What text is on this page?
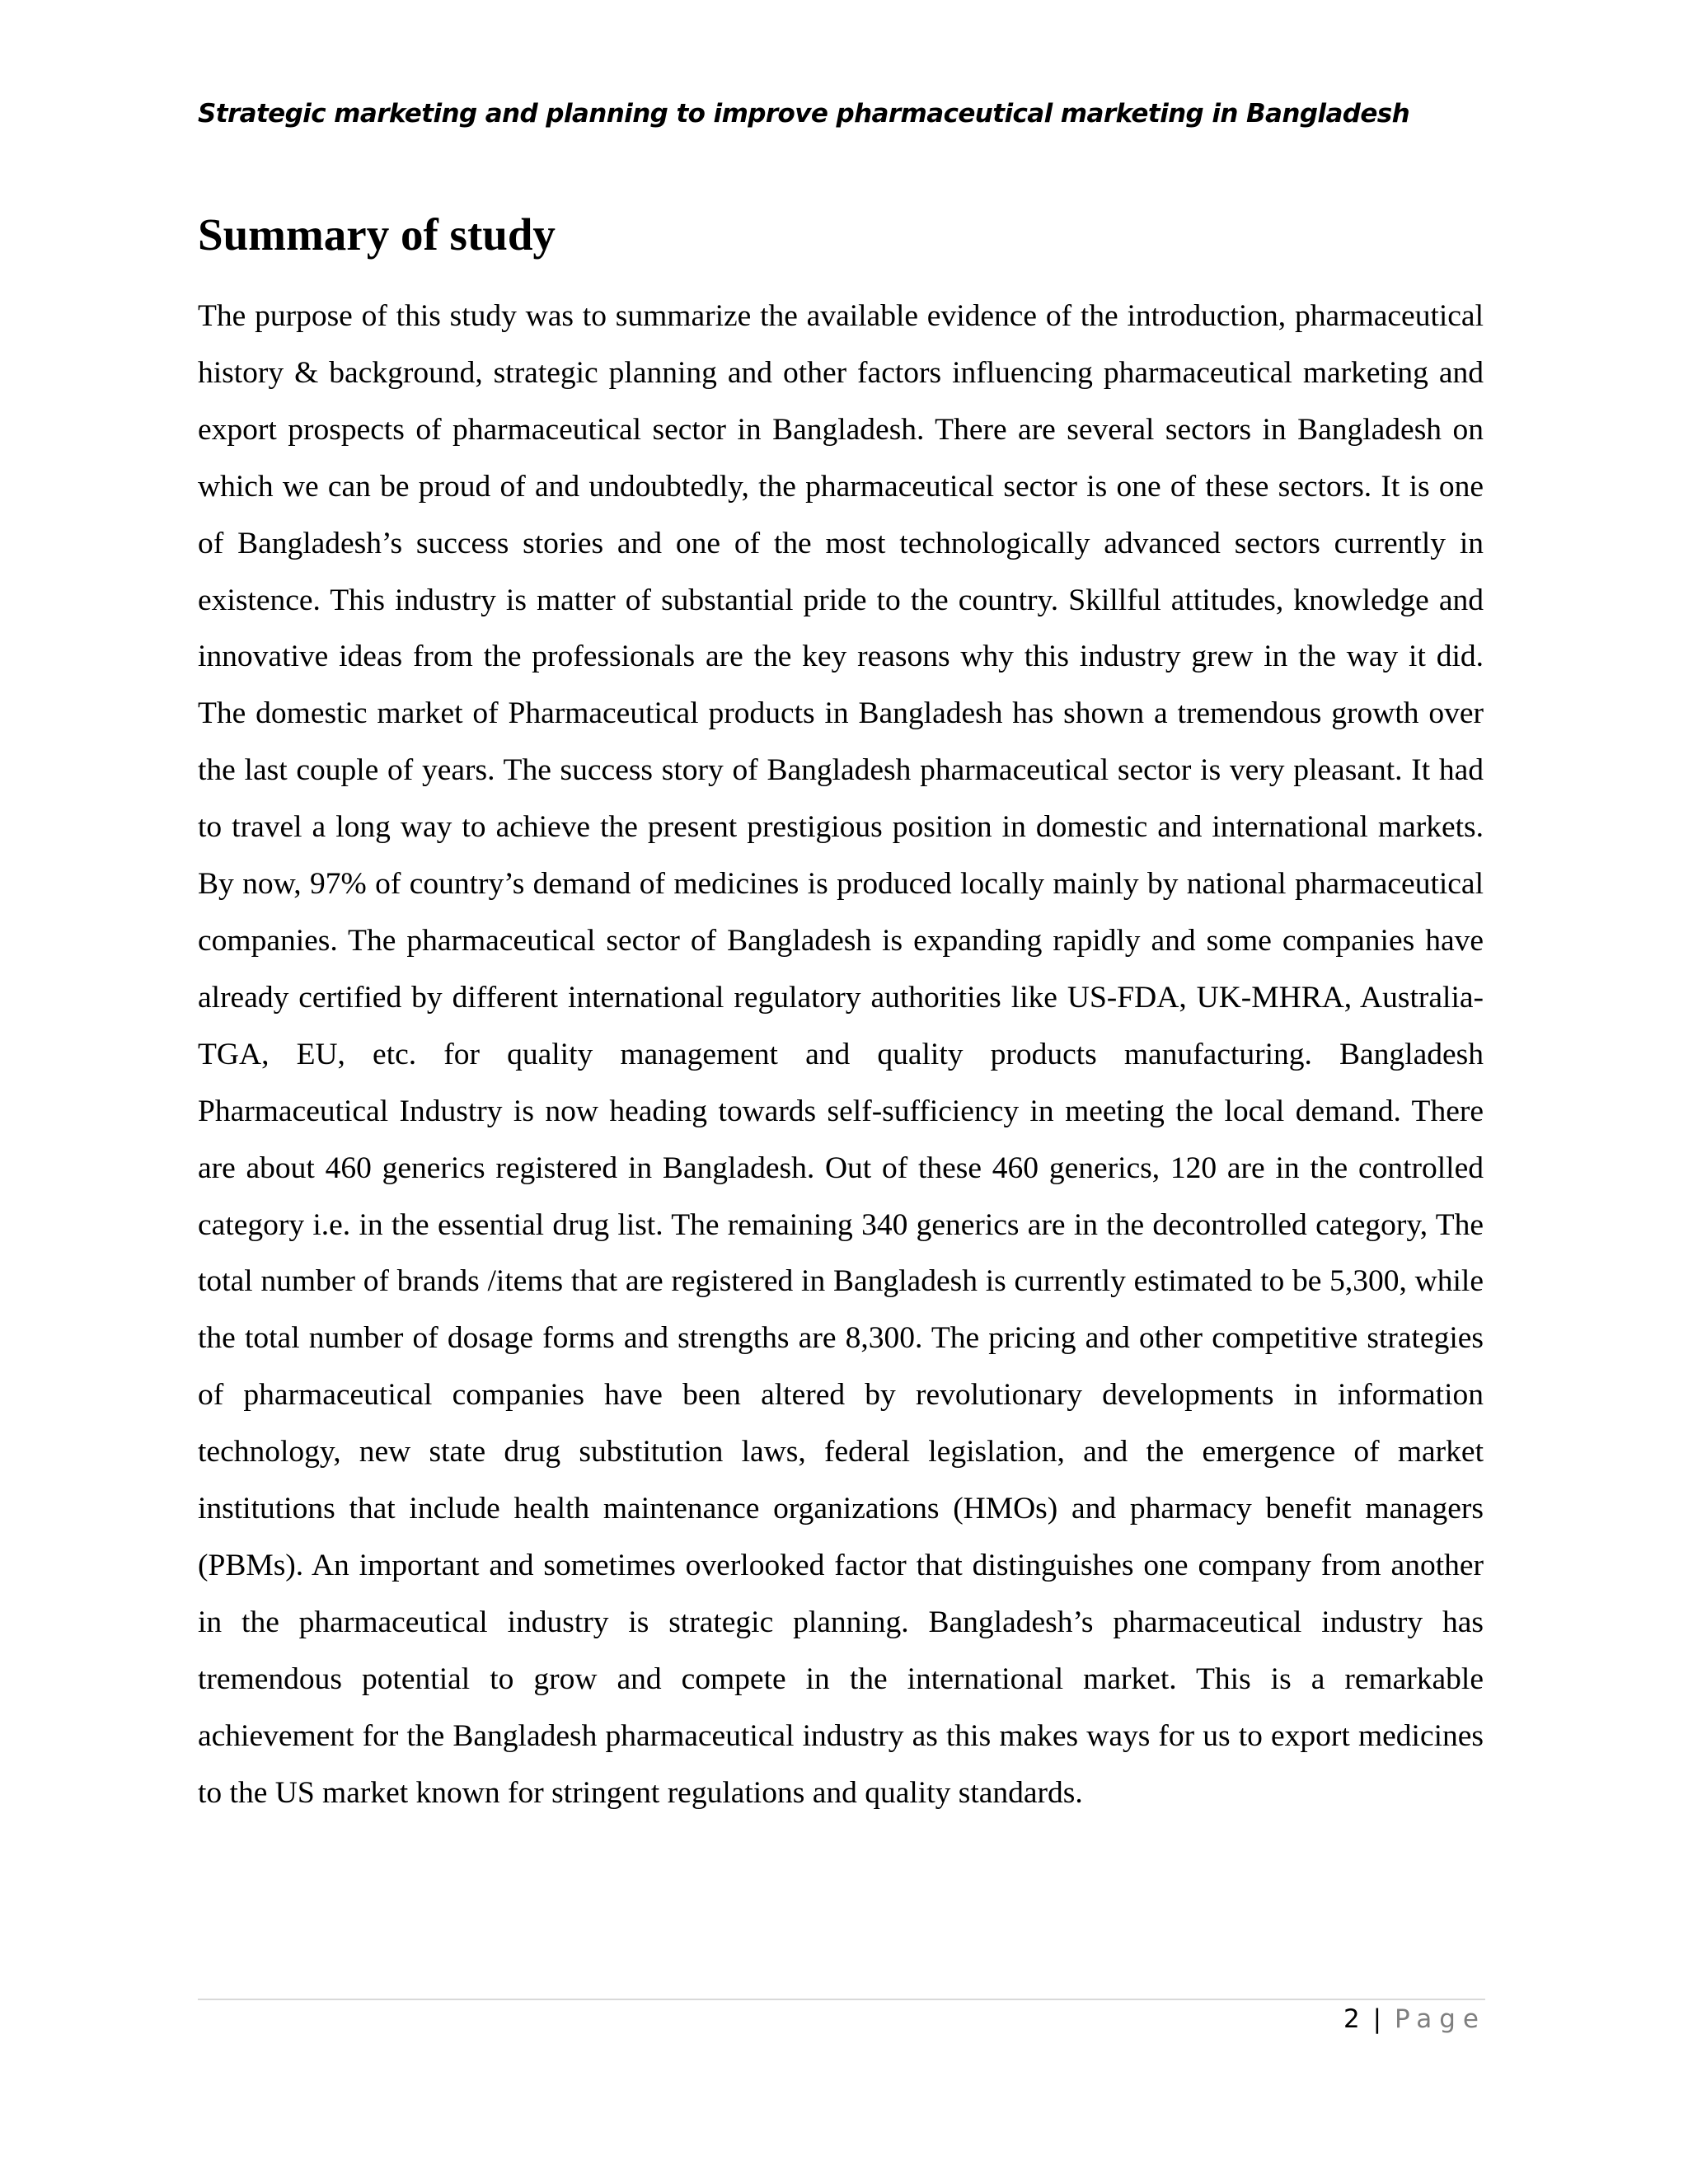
Strategic marketing and planning to improve pharmaceutical marketing in Bangladesh
Summary of study

The purpose of this study was to summarize the available evidence of the introduction, pharmaceutical history & background, strategic planning and other factors influencing pharmaceutical marketing and export prospects of pharmaceutical sector in Bangladesh. There are several sectors in Bangladesh on which we can be proud of and undoubtedly, the pharmaceutical sector is one of these sectors. It is one of Bangladesh’s success stories and one of the most technologically advanced sectors currently in existence. This industry is matter of substantial pride to the country. Skillful attitudes, knowledge and innovative ideas from the professionals are the key reasons why this industry grew in the way it did. The domestic market of Pharmaceutical products in Bangladesh has shown a tremendous growth over the last couple of years. The success story of Bangladesh pharmaceutical sector is very pleasant. It had to travel a long way to achieve the present prestigious position in domestic and international markets. By now, 97% of country’s demand of medicines is produced locally mainly by national pharmaceutical companies. The pharmaceutical sector of Bangladesh is expanding rapidly and some companies have already certified by different international regulatory authorities like US-FDA, UK-MHRA, Australia-TGA, EU, etc. for quality management and quality products manufacturing. Bangladesh Pharmaceutical Industry is now heading towards self-sufficiency in meeting the local demand. There are about 460 generics registered in Bangladesh. Out of these 460 generics, 120 are in the controlled category i.e. in the essential drug list. The remaining 340 generics are in the decontrolled category, The total number of brands /items that are registered in Bangladesh is currently estimated to be 5,300, while the total number of dosage forms and strengths are 8,300. The pricing and other competitive strategies of pharmaceutical companies have been altered by revolutionary developments in information technology, new state drug substitution laws, federal legislation, and the emergence of market institutions that include health maintenance organizations (HMOs) and pharmacy benefit managers (PBMs). An important and sometimes overlooked factor that distinguishes one company from another in the pharmaceutical industry is strategic planning. Bangladesh’s pharmaceutical industry has tremendous potential to grow and compete in the international market. This is a remarkable achievement for the Bangladesh pharmaceutical industry as this makes ways for us to export medicines to the US market known for stringent regulations and quality standards.

2 | Page
